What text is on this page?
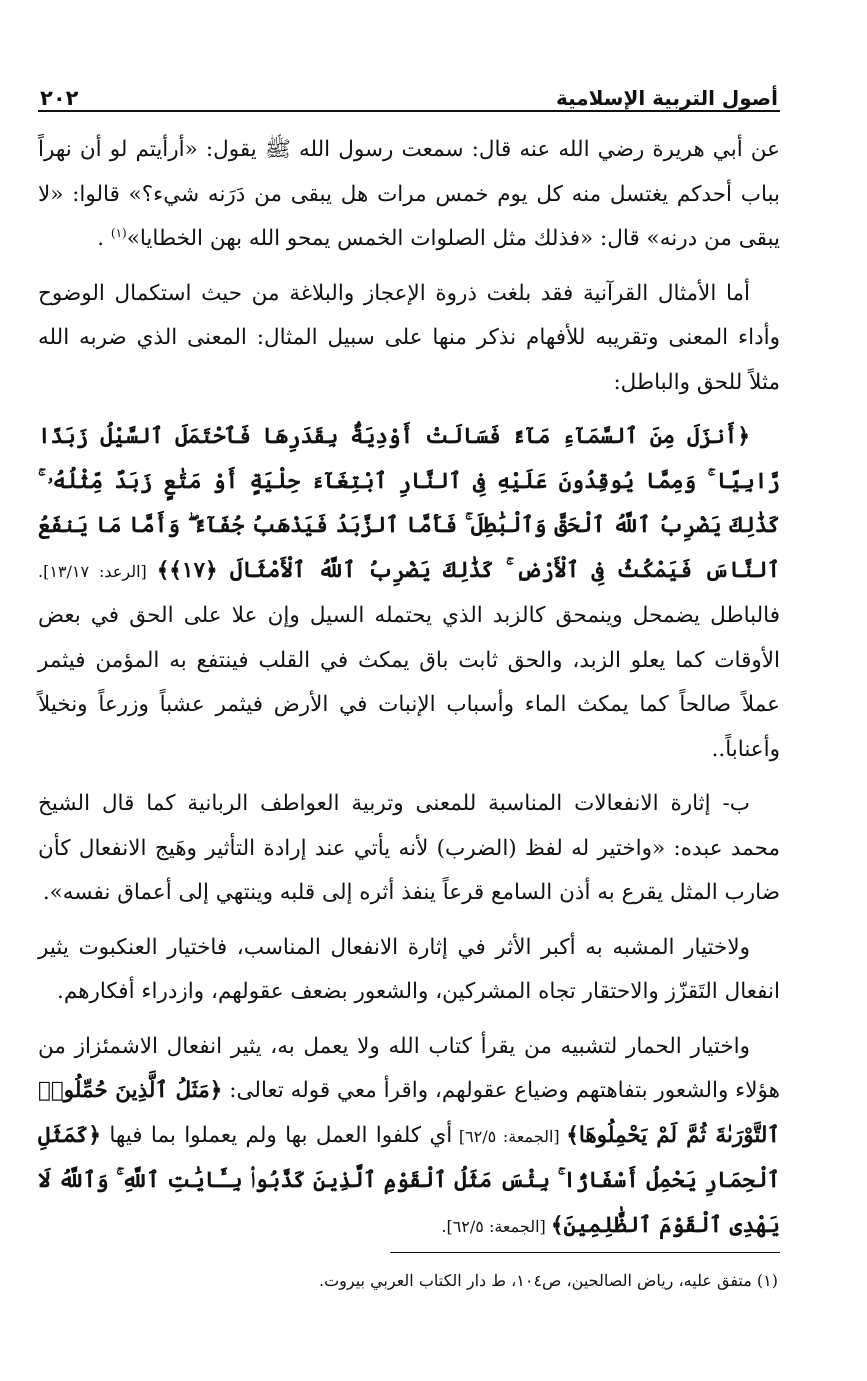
أصول التربية الإسلامية
٢٠٢

عن أبي هريرة رضي الله عنه قال: سمعت رسول الله ﷺ يقول: «أرأيتم لو أن نهراً بباب أحدكم يغتسل منه كل يوم خمس مرات هل يبقى من دَرَنه شيء؟» قالوا: «لا يبقى من درنه» قال: «فذلك مثل الصلوات الخمس يمحو الله بهن الخطايا»$^{(١)}$ .

أما الأمثال القرآنية فقد بلغت ذروة الإعجاز والبلاغة من حيث استكمال الوضوح وأداء المعنى وتقريبه للأفهام نذكر منها على سبيل المثال: المعنى الذي ضربه الله مثلاً للحق والباطل:

﴿أَنزَلَ مِنَ ٱلسَّمَآءِ مَآءً فَسَالَتْ أَوْدِيَةٌۢ بِقَدَرِهَا فَٱحْتَمَلَ ٱلسَّيْلُ زَبَدًا رَّابِيًا ۚ وَمِمَّا يُوقِدُونَ عَلَيْهِ فِى ٱلنَّارِ ٱبْتِغَآءَ حِلْيَةٍ أَوْ مَتَٰعٍ زَبَدٌ مِّثْلُهُۥ ۚ كَذَٰلِكَ يَضْرِبُ ٱللَّهُ ٱلْحَقَّ وَٱلْبَٰطِلَ ۚ فَأَمَّا ٱلزَّبَدُ فَيَذْهَبُ جُفَآءً ۖ وَأَمَّا مَا يَنفَعُ ٱلنَّاسَ فَيَمْكُثُ فِى ٱلْأَرْضِ ۚ كَذَٰلِكَ يَضْرِبُ ٱللَّهُ ٱلْأَمْثَالَ ﴿١٧﴾﴾ [الرعد: ١٣/١٧]. فالباطل يضمحل وينمحق كالزبد الذي يحتمله السيل وإن علا على الحق في بعض الأوقات كما يعلو الزبد، والحق ثابت باق يمكث في القلب فينتفع به المؤمن فيثمر عملاً صالحاً كما يمكث الماء وأسباب الإنبات في الأرض فيثمر عشباً وزرعاً ونخيلاً وأعناباً..

ب- إثارة الانفعالات المناسبة للمعنى وتربية العواطف الربانية كما قال الشيخ محمد عبده: «واختير له لفظ (الضرب) لأنه يأتي عند إرادة التأثير وهَيج الانفعال كأن ضارب المثل يقرع به أذن السامع قرعاً ينفذ أثره إلى قلبه وينتهي إلى أعماق نفسه».

ولاختيار المشبه به أكبر الأثر في إثارة الانفعال المناسب، فاختيار العنكبوت يثير انفعال التَقزّز والاحتقار تجاه المشركين، والشعور بضعف عقولهم، وازدراء أفكارهم.

واختيار الحمار لتشبيه من يقرأ كتاب الله ولا يعمل به، يثير انفعال الاشمئزاز من هؤلاء والشعور بتفاهتهم وضياع عقولهم، واقرأ معي قوله تعالى: ﴿مَثَلُ ٱلَّذِينَ حُمِّلُوا۟ ٱلتَّوْرَىٰةَ ثُمَّ لَمْ يَحْمِلُوهَا﴾ [الجمعة: ٦٢/٥] أي كلفوا العمل بها ولم يعملوا بما فيها ﴿كَمَثَلِ ٱلْحِمَارِ يَحْمِلُ أَسْفَارًۢا ۚ بِئْسَ مَثَلُ ٱلْقَوْمِ ٱلَّذِينَ كَذَّبُوا۟ بِـَٔايَٰتِ ٱللَّهِ ۚ وَٱللَّهُ لَا يَهْدِى ٱلْقَوْمَ ٱلظَّٰلِمِينَ﴾ [الجمعة: ٦٢/٥].

(١) متفق عليه، رياض الصالحين، ص١٠٤، ط دار الكتاب العربي بيروت.
